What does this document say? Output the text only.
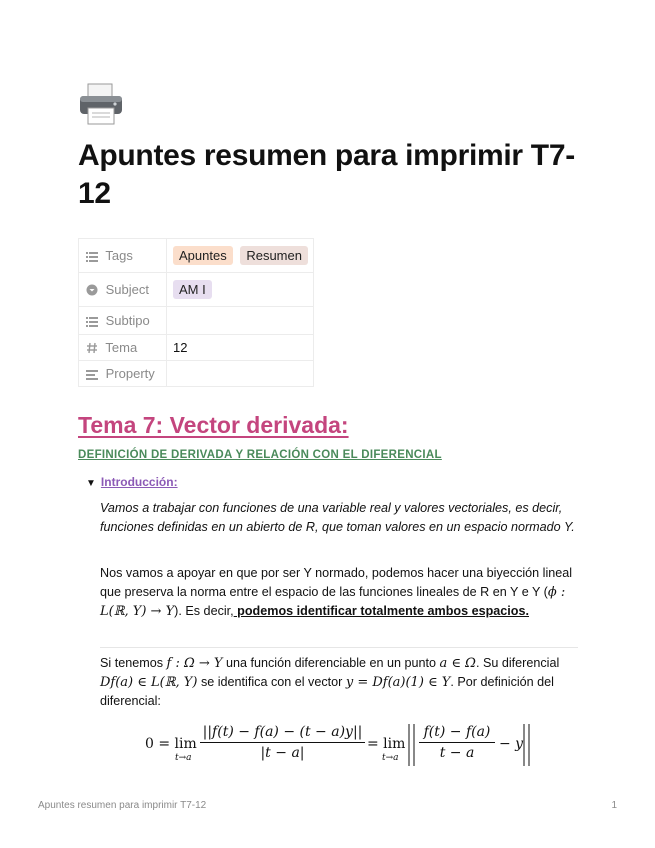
Apuntes resumen para imprimir T7-12
Tags	Apuntes Resumen
Subject	AM I
Subtipo	
Tema	12
Property	
Tema 7: Vector derivada:
DEFINICIÓN DE DERIVADA Y RELACIÓN CON EL DIFERENCIAL
▼ Introducción:

Vamos a trabajar con funciones de una variable real y valores vectoriales, es decir, funciones definidas en un abierto de R, que toman valores en un espacio normado Y.

Nos vamos a apoyar en que por ser Y normado, podemos hacer una biyección lineal que preserva la norma entre el espacio de las funciones lineales de R en Y e Y (ϕ : L(ℝ, Y) → Y). Es decir, podemos identificar totalmente ambos espacios.

Si tenemos f : Ω → Y una función diferenciable en un punto a ∈ Ω. Su diferencial Df(a) ∈ L(ℝ, Y) se identifica con el vector y = Df(a)(1) ∈ Y. Por definición del diferencial:

0 = lim
$t\to a \frac{||f(t) - f(a) - (t - a)y||}{|t - a|} = \lim$
$t\to a \frac{f(t) - f(a)}{t - a} - y$
Apuntes resumen para imprimir T7-12	1
